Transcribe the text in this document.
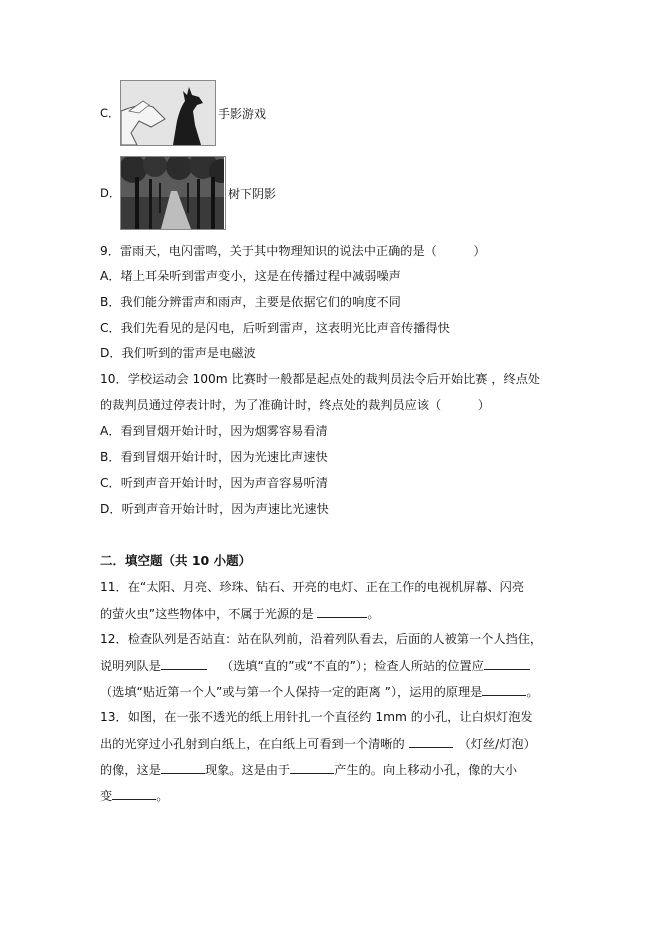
C．	手影游戏
D．	树下阴影
9．雷雨天，电闪雷鸣，关于其中物理知识的说法中正确的是（　　　）
A．堵上耳朵听到雷声变小，这是在传播过程中减弱噪声
B．我们能分辨雷声和雨声，主要是依据它们的响度不同
C．我们先看见的是闪电，后听到雷声，这表明光比声音传播得快
D．我们听到的雷声是电磁波
10．学校运动会 100m 比赛时一般都是起点处的裁判员法令后开始比赛 ，终点处
的裁判员通过停表计时，为了准确计时，终点处的裁判员应该（　　　）
A．看到冒烟开始计时，因为烟雾容易看清
B．看到冒烟开始计时，因为光速比声速快
C．听到声音开始计时，因为声音容易听清
D．听到声音开始计时，因为声速比光速快
二．填空题（共 10 小题）
11．在“太阳、月亮、珍珠、钻石、开亮的电灯、正在工作的电视机屏幕、闪亮
的萤火虫”这些物体中，不属于光源的是	。
12．检查队列是否站直：站在队列前，沿着列队看去，后面的人被第一个人挡住，
说明列队是	（选填“直的”或“不直的”）；检查人所站的位置应
（选填“贴近第一个人”或与第一个人保持一定的距离 ”），运用的原理是	。
13．如图，在一张不透光的纸上用针扎一个直径约 1mm 的小孔，让白炽灯泡发
出的光穿过小孔射到白纸上，在白纸上可看到一个清晰的	（灯丝/灯泡）
的像，这是	现象。这是由于	产生的。向上移动小孔，像的大小
变	。
